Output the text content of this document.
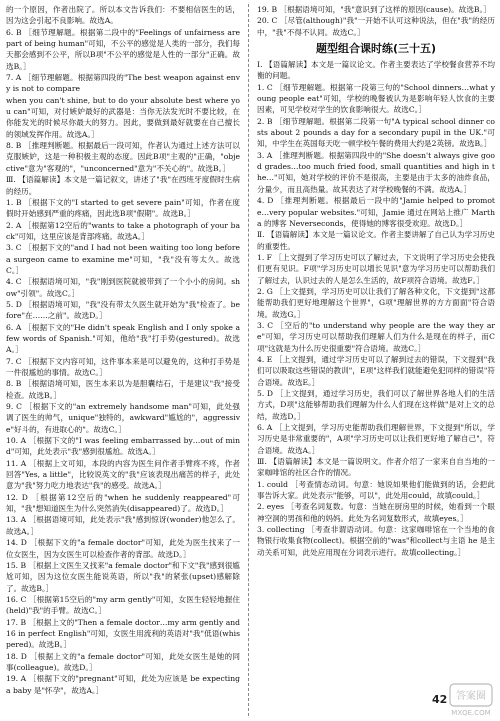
的一个原因，作者出院了。所以本文告诉我们：不要相信医生的话，因为这会引起不良影响。故选A。

6. B ［细节理解题。根据第二段中的"Feelings of unfairness are part of being human"可知，不公平的感觉是人类的一部分，我们每天都会感到不公平，所以B项"不公平的感觉是人性的一部分"正确。故选B。］

7. A ［细节理解题。根据第四段的"The best weapon against envy is not to compare

when you can't shine, but to do your absolute best where you can"可知，对付嫉妒最好的武器是：当你无法发光时不要比较，在你能发光的时候尽你最大的努力。因此，要做到最好就要在自己擅长的领域发挥作用。故选A。］

8. B ［推理判断题。根据最后一段可知，作者认为通过上述方法可以克服嫉妒，这是一种积极主观的态度。因此B项"主观的"正确，"objective"意为"客观的"，"unconcerned"意为"不关心的"。故选B。］

Ⅲ. 【语篇解读】本文是一篇记叙文，讲述了"我"在西班牙度假时生病的经历。

1. B ［根据下文的"I started to get severe pain"可知，作者在度假时开始感到严重的疼痛，因此选B项"假期"。故选B。］

2. A ［根据第12空后的"wants to take a photograph of your back"可知，这里应该是背部疼痛。故选A。］

3. C ［根据下文的"and I had not been waiting too long before a surgeon came to examine me"可知，"我"没有等太久。故选C。］

4. C ［根据语境可知，"我"刚到医院就被带到了一个小小的房间。show"引领"。故选C。］

5. D ［根据语境可知，"我"没有带太久医生就开始为"我"检查了。before"在……之前"。故选D。］

6. A ［根据下文的"He didn't speak English and I only spoke a few words of Spanish."可知，他给"我"打手势(gestured)。故选A。］

7. C ［根据下文内容可知，这件事本来是可以避免的，这种打手势是一件很尴尬的事情。故选C。］

8. B ［根据语境可知，医生本来以为是胆囊结石，于是建议"我"接受检查。故选B。］

9. C ［根据下文的"an extremely handsome man"可知，此处强调了医生的帅气，unique"独特的，awkward"尴尬的"，aggressive"好斗的，有进取心的"。故选C。］

10. A ［根据下文的"I was feeling embarrassed by…out of mind"可知，此处表示"我"感到很尴尬。故选A。］

11. A ［根据上文可知，本段的内容为医生问作者手臂疼不疼，作者回答"Yes, a little"，比较说英文的"我"应该表现出痛苦的样子，此处意为"我"努力吃力地表达"我"的感受。故选A。］

12. D ［根据第12空后的"when he suddenly reappeared"可知，"我"想知道医生为什么突然消失(disappeared)了。故选D。］

13. A ［根据语境可知，此处表示"我"感到惊讶(wonder)他怎么了。故选A。］

14. D ［根据下文的"a female doctor"可知，此处为医生找来了一位女医生，因为女医生可以检查作者的背部。故选D。］

15. B ［根据上文医生又找来"a female doctor"和下文"我"感到很尴尬可知，因为这位女医生能说英语，所以"我"的紧张(upset)感解除了。故选B。］

16. C ［根据第15空后的"my arm gently"可知，女医生轻轻地握住(held)"我"的手臂。故选C。］

17. B ［根据上文的"Then a female doctor…my arm gently and 16 in perfect English"可知，女医生用流利的英语对"我"低语(whispered)。故选B。］

18. D ［根据上文的"a female doctor"可知，此处女医生是她的同事(colleague)。故选D。］

19. A ［根据下文的"pregnant"可知，此处为应该是 be expecting a baby 是"怀孕"，故选A。］

19. B ［根据语境可知，"我"意识到了这样的原因(cause)。故选B。］

20. C ［尽管(although)"我"一开始不认可这种说法，但在"我"的经历中，"我"不得不认同。故选C。］

题型组合课时练(三十五)

Ⅰ. 【语篇解读】本文是一篇议论文。作者主要表达了学校餐食营养不均衡的问题。

1. C ［细节理解题。根据第一段第三句的"School dinners…what young people eat"可知，学校的晚餐被认为是影响年轻人饮食的主要因素，可见学校对学生的饮食影响很大。故选C。］

2. B ［细节理解题。根据第二段第一句"A typical school dinner costs about 2 pounds a day for a secondary pupil in the UK."可知，中学生在英国每天吃一顿学校午餐的费用大约是2英镑。故选B。］

3. A ［推理判断题。根据第四段中的"She doesn't always give good grades…too much fried food, small quantities and high in the…"可知，她对学校的评价不是很高，主要是由于太多的油炸食品，分量少，而且高热量。故其表达了对学校晚餐的不满。故选A。］

4. D ［推理判断题。根据最后一段中的"Jamie helped to promote…very popular websites."可知，Jamie 通过在网站上推广 Martha 的博客 Neverseconds，使得她的博客很受欢迎。故选D。］

Ⅱ. 【语篇解读】本文是一篇议论文。作者主要讲解了自己认为学习历史的重要性。

1. F ［上文提到了学习历史可以了解过去，下文说明了学习历史会使我们更有见识。F项"学习历史可以增长见识"意为学习历史可以帮助我们了解过去，认识过去的人是怎么生活的，故F项符合语境。故选F。］

2. G ［上文提到，学习历史可以让我们了解各种文化，下文提到"这都能帮助我们更好地理解这个世界"，G项"理解世界的方方面面"符合语境。故选G。］

3. C ［空后的"to understand why people are the way they are"可知，学习历史可以帮助我们理解人们为什么是现在的样子，而C项"这就是为什么历史很重要"符合语境。故选C。］

4. E ［上文提到，通过学习历史可以了解到过去的错误，下文提到"我们可以吸取这些错误的教训"，E项"这样我们就能避免犯同样的错误"符合语境。故选E。］

5. D ［上文提到，通过学习历史，我们可以了解世界各地人们的生活方式，D项"这能够帮助我们理解为什么人们现在这样做"是对上文的总结，故选D。］

6. A ［上文提到，学习历史能帮助我们理解世界，下文提到"所以，学习历史是非常重要的"，A项"学习历史可以让我们更好地了解自己"，符合语境。故选A。］

Ⅲ. 【语篇解读】本文是一篇说明文。作者介绍了一家来自自当地的一家咖啡馆的社区合作的情况。

1. could ［考查情态动词。句意：她说如果他们能做到的话，会把此事告诉大家。此处表示"能够，可以"，此处用could，故填could。］

2. eyes ［考查名词复数。句意：当她在厨房里的时候，她看到一个眼神空洞的男孩和他的妈妈。此处为名词复数形式，故填eyes。］

3. collecting ［考查非谓语动词。句意：这家咖啡馆在一个当地的食物银行收集食物(collect)。根据空前的"was"和collect与主语 he 是主动关系可知，此处应用现在分词表示进行。故填collecting。］

42 答案圈
MXQE.COM
